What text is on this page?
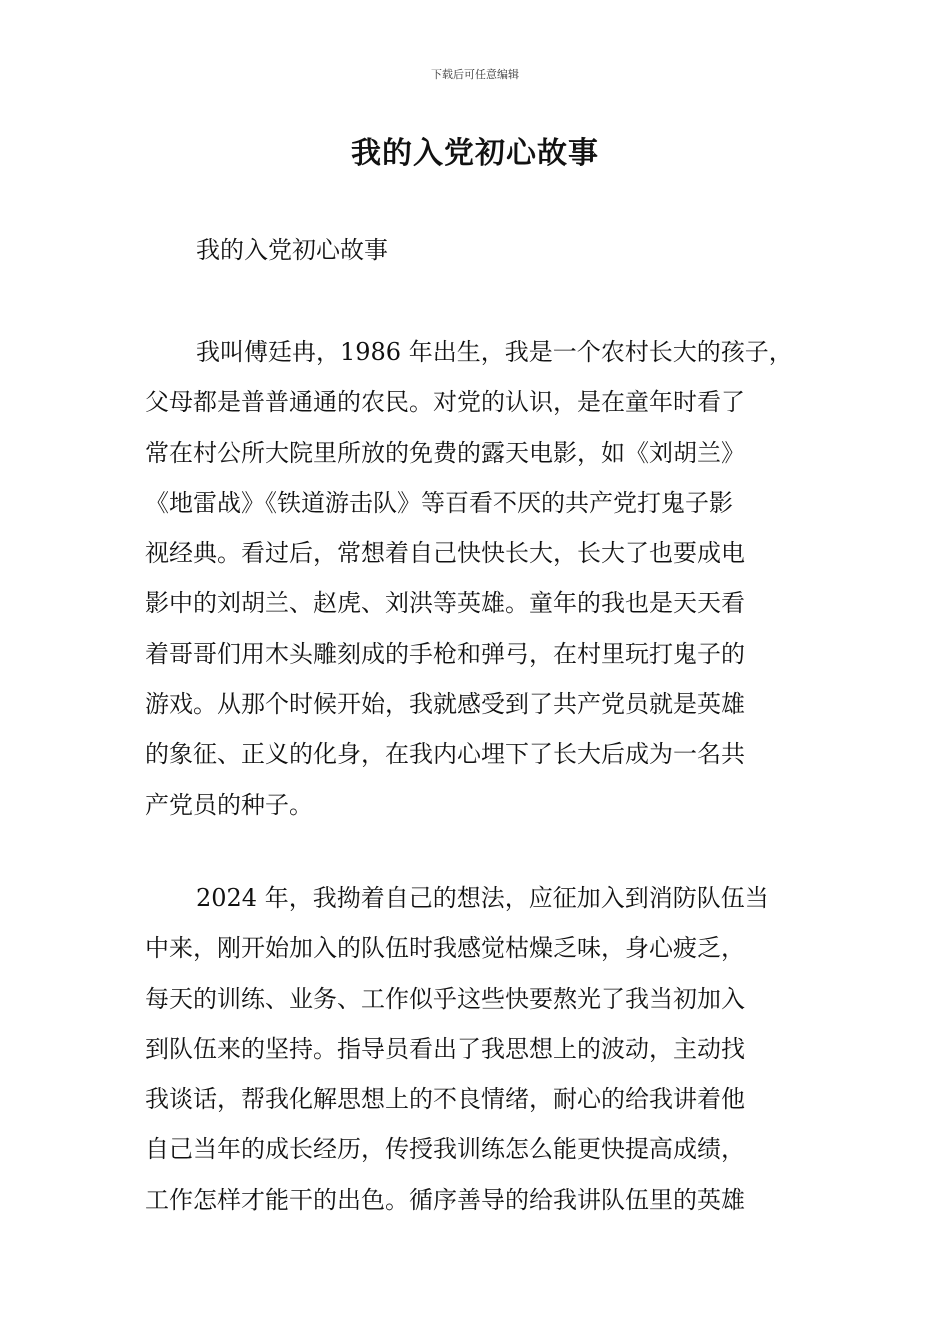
下载后可任意编辑
我的入党初心故事

我的入党初心故事

我叫傅廷冉，1986 年出生，我是一个农村长大的孩子，
父母都是普普通通的农民。对党的认识，是在童年时看了
常在村公所大院里所放的免费的露天电影，如《刘胡兰》
《地雷战》《铁道游击队》等百看不厌的共产党打鬼子影
视经典。看过后，常想着自己快快长大，长大了也要成电
影中的刘胡兰、赵虎、刘洪等英雄。童年的我也是天天看
着哥哥们用木头雕刻成的手枪和弹弓，在村里玩打鬼子的
游戏。从那个时候开始，我就感受到了共产党员就是英雄
的象征、正义的化身，在我内心埋下了长大后成为一名共
产党员的种子。
2024 年，我拗着自己的想法，应征加入到消防队伍当
中来，刚开始加入的队伍时我感觉枯燥乏味，身心疲乏，
每天的训练、业务、工作似乎这些快要熬光了我当初加入
到队伍来的坚持。指导员看出了我思想上的波动，主动找
我谈话，帮我化解思想上的不良情绪，耐心的给我讲着他
自己当年的成长经历，传授我训练怎么能更快提高成绩，
工作怎样才能干的出色。循序善导的给我讲队伍里的英雄
